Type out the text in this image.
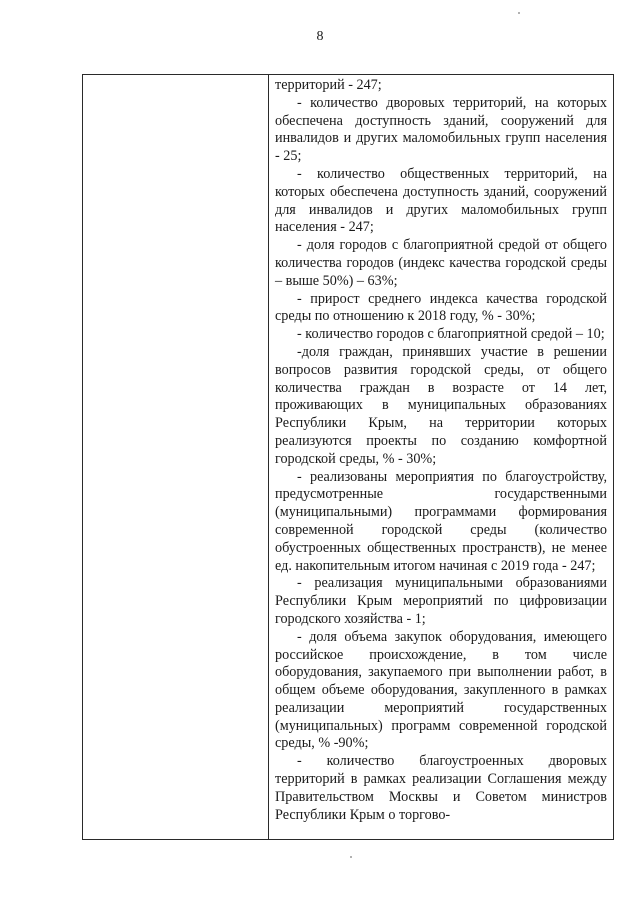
8

территорий - 247;

- количество дворовых территорий, на которых обеспечена доступность зданий, сооружений для инвалидов и других маломобильных групп населения - 25;

- количество общественных территорий, на которых обеспечена доступность зданий, сооружений для инвалидов и других маломобильных групп населения - 247;

- доля городов с благоприятной средой от общего количества городов (индекс качества городской среды – выше 50%) – 63%;

- прирост среднего индекса качества городской среды по отношению к 2018 году, % - 30%;

- количество городов с благоприятной средой – 10;

-доля граждан, принявших участие в решении вопросов развития городской среды, от общего количества граждан в возрасте от 14 лет, проживающих в муниципальных образованиях Республики Крым, на территории которых реализуются проекты по созданию комфортной городской среды, % - 30%;

- реализованы мероприятия по благоустройству, предусмотренные государственными (муниципальными) программами формирования современной городской среды (количество обустроенных общественных пространств), не менее ед. накопительным итогом начиная с 2019 года - 247;

- реализация муниципальными образованиями Республики Крым мероприятий по цифровизации городского хозяйства - 1;

- доля объема закупок оборудования, имеющего российское происхождение, в том числе оборудования, закупаемого при выполнении работ, в общем объеме оборудования, закупленного в рамках реализации мероприятий государственных (муниципальных) программ современной городской среды, % -90%;

- количество благоустроенных дворовых территорий в рамках реализации Соглашения между Правительством Москвы и Советом министров Республики Крым о торгово-
